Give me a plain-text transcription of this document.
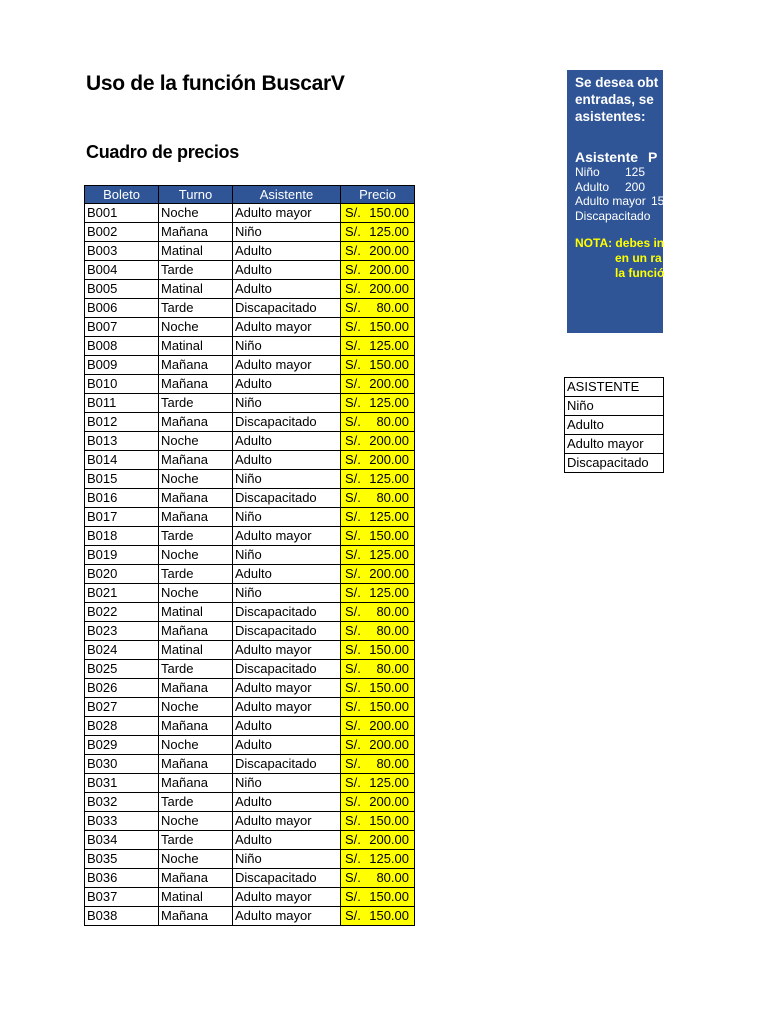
Uso de la función BuscarV
Cuadro de precios
Boleto	Turno	Asistente	Precio
B001	Noche	Adulto mayor	S/. 150.00

B002	Mañana	Niño	S/. 125.00

B003	Matinal	Adulto	S/. 200.00

B004	Tarde	Adulto	S/. 200.00

B005	Matinal	Adulto	S/. 200.00

B006	Tarde	Discapacitado	S/. 80.00

B007	Noche	Adulto mayor	S/. 150.00

B008	Matinal	Niño	S/. 125.00

B009	Mañana	Adulto mayor	S/. 150.00

B010	Mañana	Adulto	S/. 200.00

B011	Tarde	Niño	S/. 125.00

B012	Mañana	Discapacitado	S/. 80.00

B013	Noche	Adulto	S/. 200.00

B014	Mañana	Adulto	S/. 200.00

B015	Noche	Niño	S/. 125.00

B016	Mañana	Discapacitado	S/. 80.00

B017	Mañana	Niño	S/. 125.00

B018	Tarde	Adulto mayor	S/. 150.00

B019	Noche	Niño	S/. 125.00

B020	Tarde	Adulto	S/. 200.00

B021	Noche	Niño	S/. 125.00

B022	Matinal	Discapacitado	S/. 80.00

B023	Mañana	Discapacitado	S/. 80.00

B024	Matinal	Adulto mayor	S/. 150.00

B025	Tarde	Discapacitado	S/. 80.00

B026	Mañana	Adulto mayor	S/. 150.00

B027	Noche	Adulto mayor	S/. 150.00

B028	Mañana	Adulto	S/. 200.00

B029	Noche	Adulto	S/. 200.00

B030	Mañana	Discapacitado	S/. 80.00

B031	Mañana	Niño	S/. 125.00

B032	Tarde	Adulto	S/. 200.00

B033	Noche	Adulto mayor	S/. 150.00

B034	Tarde	Adulto	S/. 200.00

B035	Noche	Niño	S/. 125.00

B036	Mañana	Discapacitado	S/. 80.00

B037	Matinal	Adulto mayor	S/. 150.00

B038	Mañana	Adulto mayor	S/. 150.00
Se desea obt
entradas, se
asistentes:
Asistente P
Niño 125
Adulto 200
Adulto mayor 15
Discapacitado
NOTA: debes in
en un ra
la funció
ASISTENTE
Niño
Adulto
Adulto mayor
Discapacitado
